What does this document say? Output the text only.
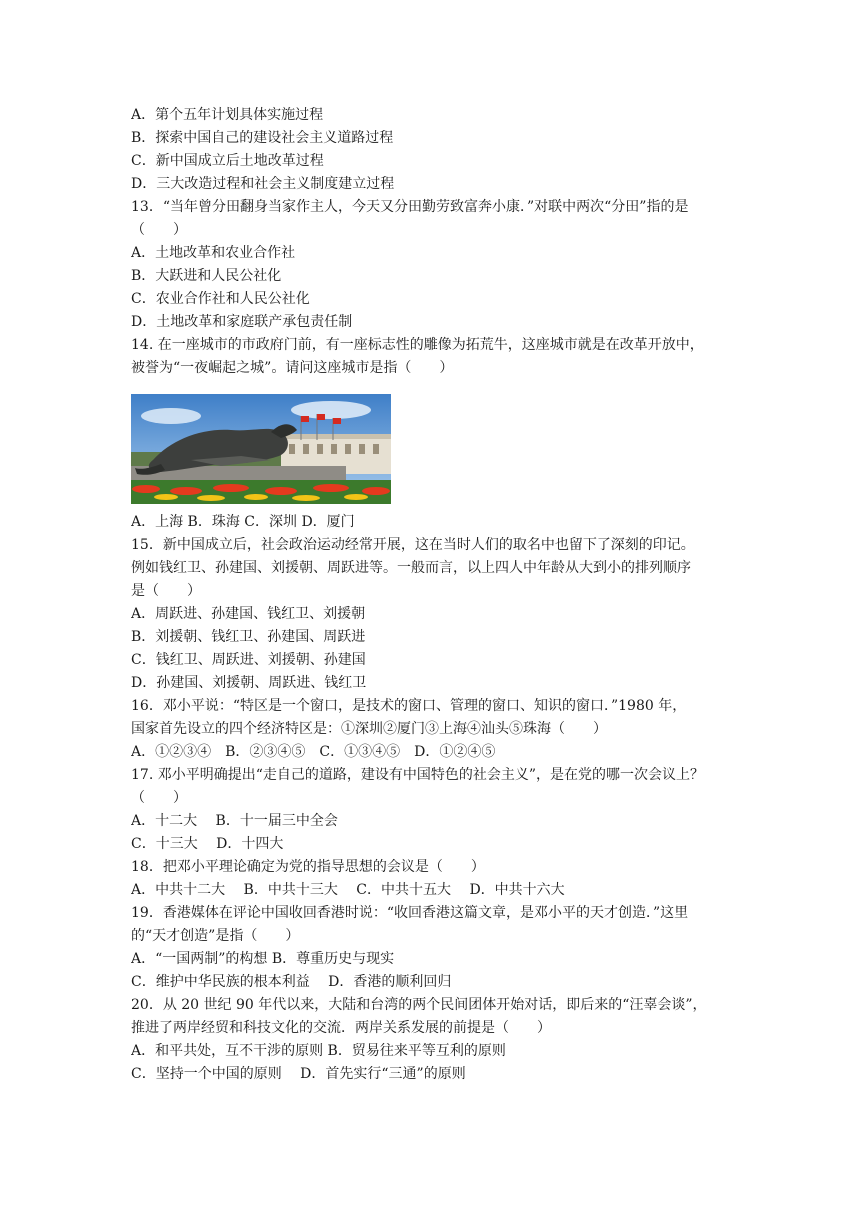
A．第个五年计划具体实施过程
B．探索中国自己的建设社会主义道路过程
C．新中国成立后土地改革过程
D．三大改造过程和社会主义制度建立过程
13．“当年曾分田翻身当家作主人，今天又分田勤劳致富奔小康．”对联中两次“分田”指的是
（　　）
A．土地改革和农业合作社
B．大跃进和人民公社化
C．农业合作社和人民公社化
D．土地改革和家庭联产承包责任制
14. 在一座城市的市政府门前，有一座标志性的雕像为拓荒牛，这座城市就是在改革开放中，
被誉为“一夜崛起之城”。请问这座城市是指（　　）
A．上海 B．珠海 C．深圳 D．厦门
15．新中国成立后，社会政治运动经常开展，这在当时人们的取名中也留下了深刻的印记。
例如钱红卫、孙建国、刘援朝、周跃进等。一般而言，以上四人中年龄从大到小的排列顺序
是（　　）
A．周跃进、孙建国、钱红卫、刘援朝
B．刘援朝、钱红卫、孙建国、周跃进
C．钱红卫、周跃进、刘援朝、孙建国
D．孙建国、刘援朝、周跃进、钱红卫
16．邓小平说：“特区是一个窗口，是技术的窗口、管理的窗口、知识的窗口．”1980 年，
国家首先设立的四个经济特区是：①深圳②厦门③上海④汕头⑤珠海（　　）
A．①②③④　B．②③④⑤　C．①③④⑤　D．①②④⑤
17. 邓小平明确提出“走自己的道路，建设有中国特色的社会主义”，是在党的哪一次会议上？
（　　）
A．十二大　 B．十一届三中全会
C．十三大　 D．十四大
18．把邓小平理论确定为党的指导思想的会议是（　　）
A．中共十二大　 B．中共十三大　 C．中共十五大　 D．中共十六大
19．香港媒体在评论中国收回香港时说：“收回香港这篇文章，是邓小平的天才创造．”这里
的“天才创造”是指（　　）
A．“一国两制”的构想 B．尊重历史与现实
C．维护中华民族的根本利益　 D．香港的顺利回归
20．从 20 世纪 90 年代以来，大陆和台湾的两个民间团体开始对话，即后来的“汪辜会谈”，
推进了两岸经贸和科技文化的交流．两岸关系发展的前提是（　　）
A．和平共处，互不干涉的原则 B．贸易往来平等互利的原则
C．坚持一个中国的原则　 D．首先实行“三通”的原则
